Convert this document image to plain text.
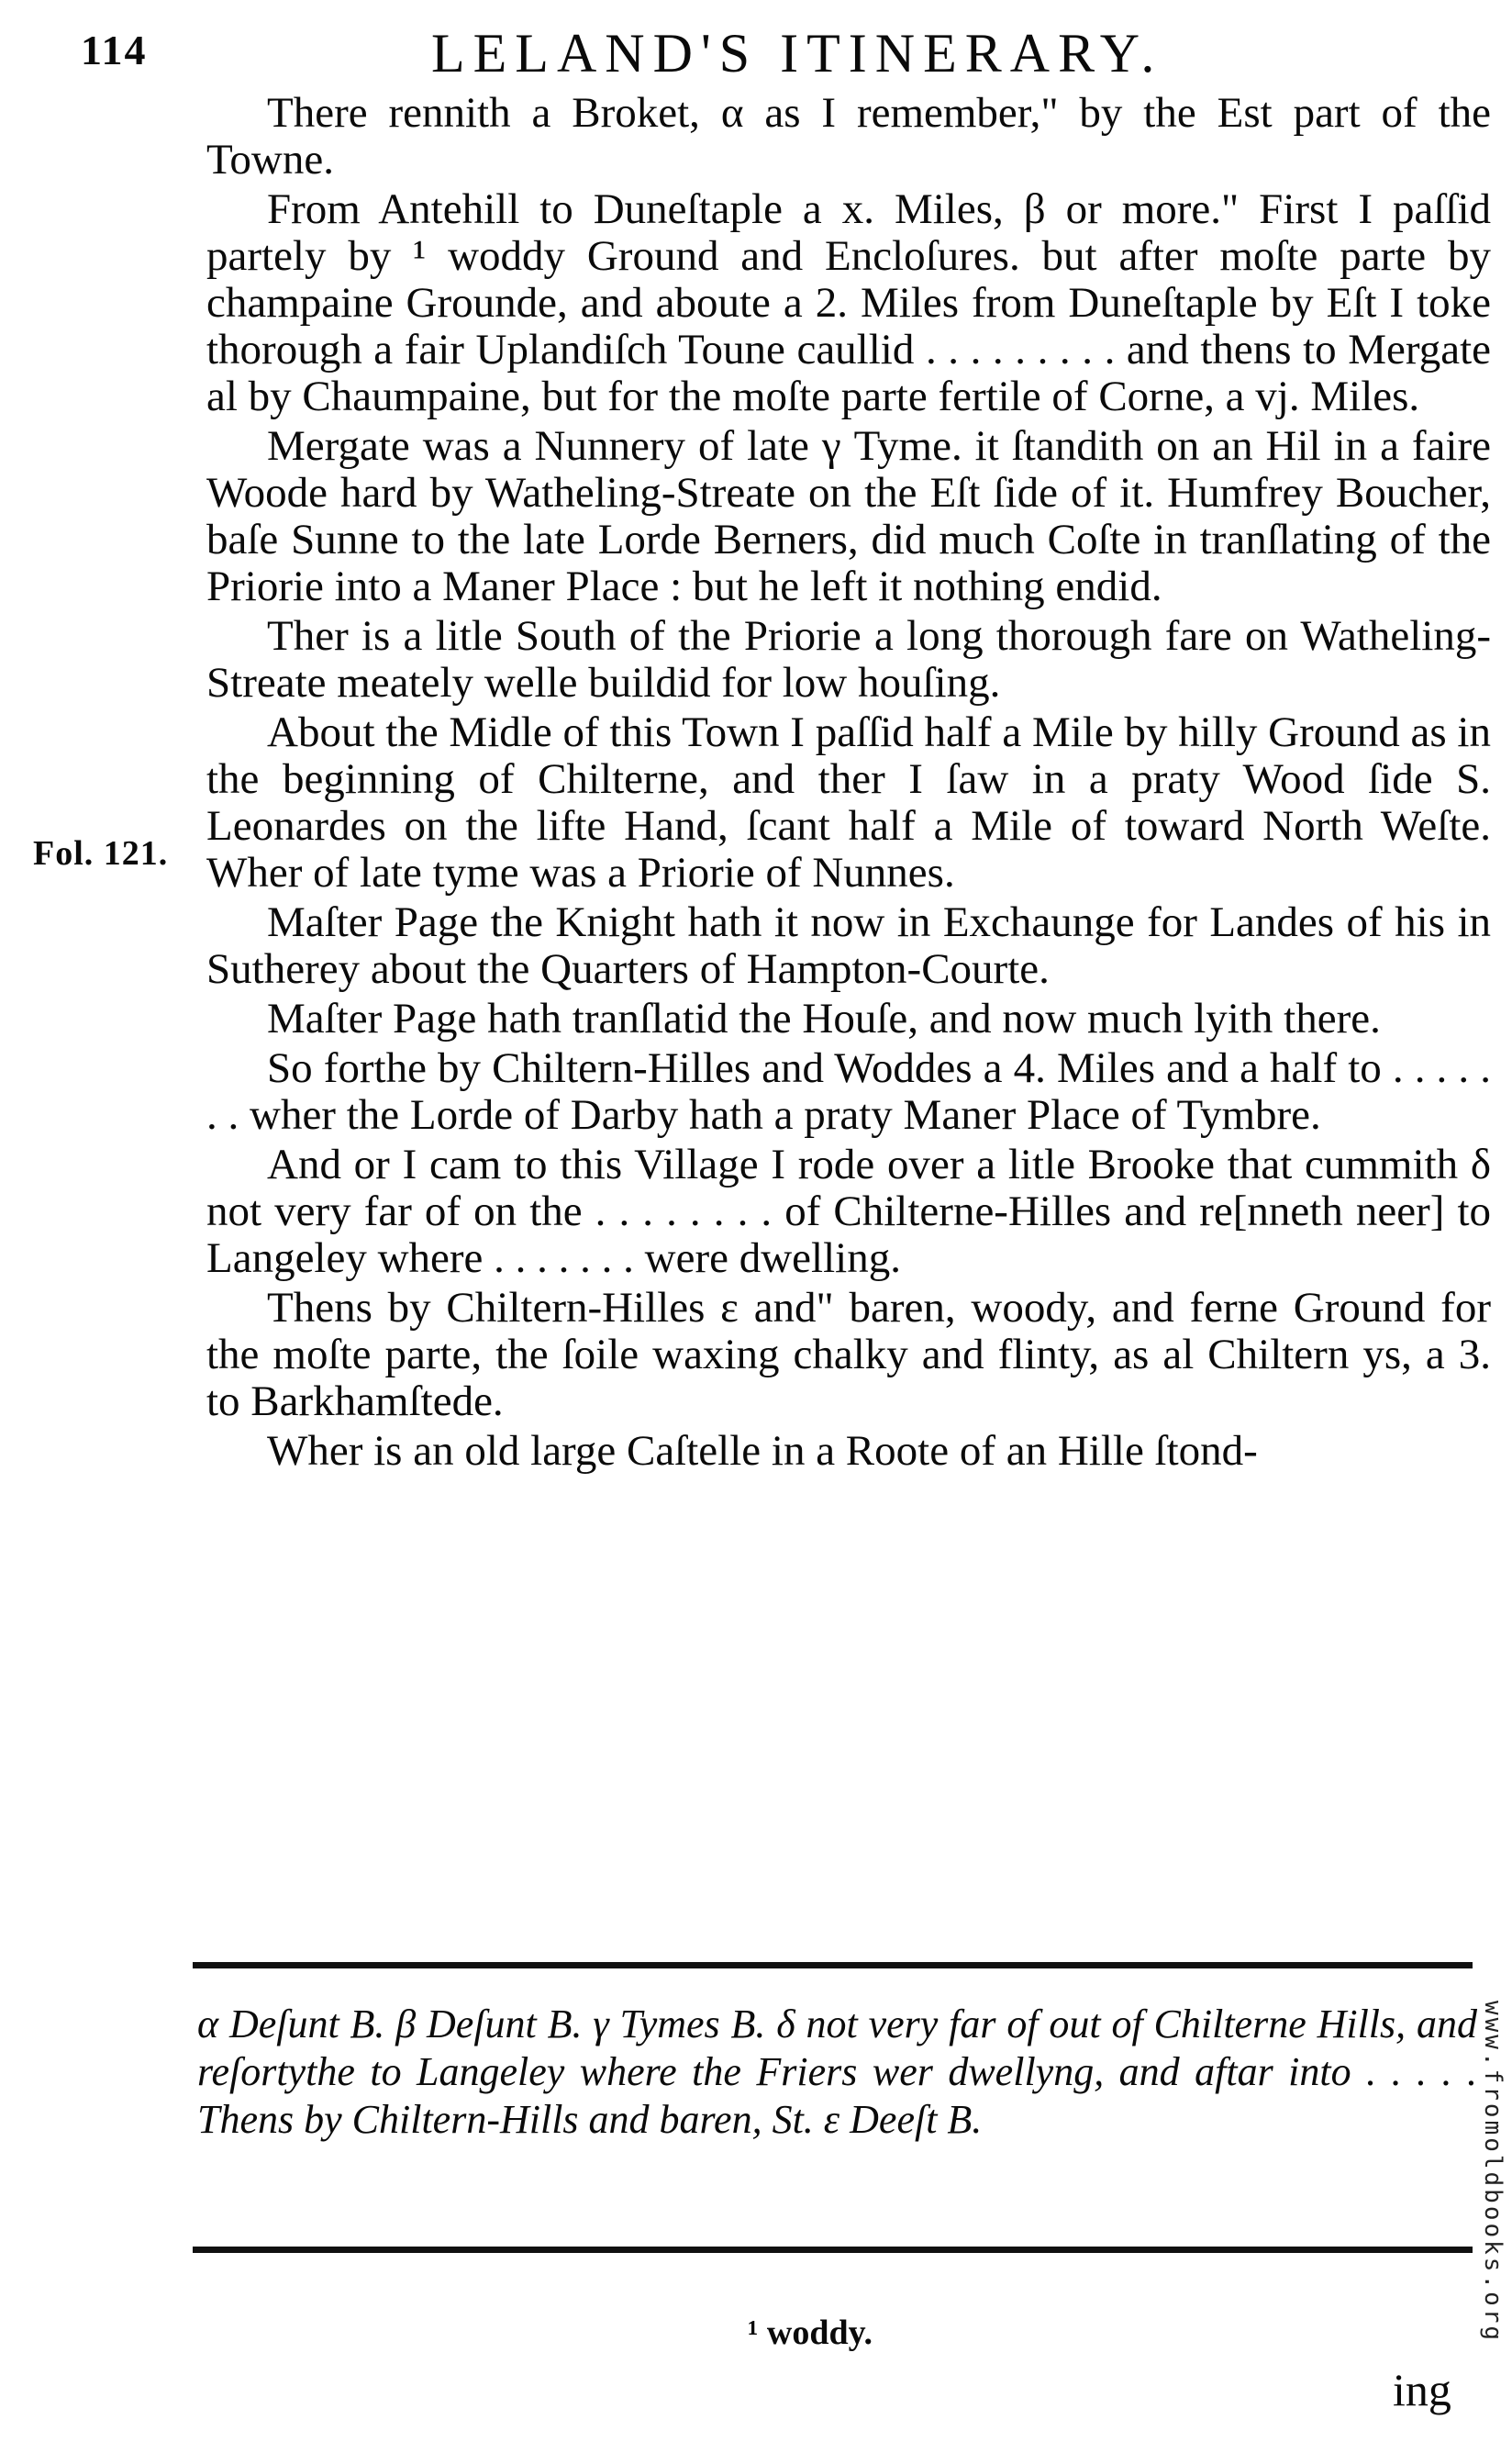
114	LELAND'S ITINERARY.
Fol. 121.

There rennith a Broket, α as I remember," by the Est part of the Towne.

From Antehill to Duneſtaple a x. Miles, β or more." First I paſſid partely by ¹ woddy Ground and Encloſures. but after moſte parte by champaine Grounde, and aboute a 2. Miles from Duneſtaple by Eſt I toke thorough a fair Uplandiſch Toune caullid . . . . . . . . . and thens to Mergate al by Chaumpaine, but for the moſte parte fertile of Corne, a vj. Miles.

Mergate was a Nunnery of late γ Tyme. it ſtandith on an Hil in a faire Woode hard by Watheling-Streate on the Eſt ſide of it. Humfrey Boucher, baſe Sunne to the late Lorde Berners, did much Coſte in tranſlating of the Priorie into a Maner Place : but he left it nothing endid.

Ther is a litle South of the Priorie a long thorough fare on Watheling-Streate meately welle buildid for low houſing.

About the Midle of this Town I paſſid half a Mile by hilly Ground as in the beginning of Chilterne, and ther I ſaw in a praty Wood ſide S. Leonardes on the lifte Hand, ſcant half a Mile of toward North Weſte. Wher of late tyme was a Priorie of Nunnes.

Maſter Page the Knight hath it now in Exchaunge for Landes of his in Sutherey about the Quarters of Hampton-Courte.

Maſter Page hath tranſlatid the Houſe, and now much lyith there.

So forthe by Chiltern-Hilles and Woddes a 4. Miles and a half to . . . . . . . wher the Lorde of Darby hath a praty Maner Place of Tymbre.

And or I cam to this Village I rode over a litle Brooke that cummith δ not very far of on the . . . . . . . . of Chilterne-Hilles and re[nneth neer] to Langeley where . . . . . . . were dwelling.

Thens by Chiltern-Hilles ε and" baren, woody, and ferne Ground for the moſte parte, the ſoile waxing chalky and flinty, as al Chiltern ys, a 3. to Barkhamſtede.

Wher is an old large Caſtelle in a Roote of an Hille ſtond-

α Deſunt B. β Deſunt B. γ Tymes B. δ not very far of out of Chilterne Hills, and reſortythe to Langeley where the Friers wer dwellyng, and aftar into . . . . . Thens by Chiltern-Hills and baren, St. ε Deeſt B.
¹ woddy.
ing
www.fromoldbooks.org
